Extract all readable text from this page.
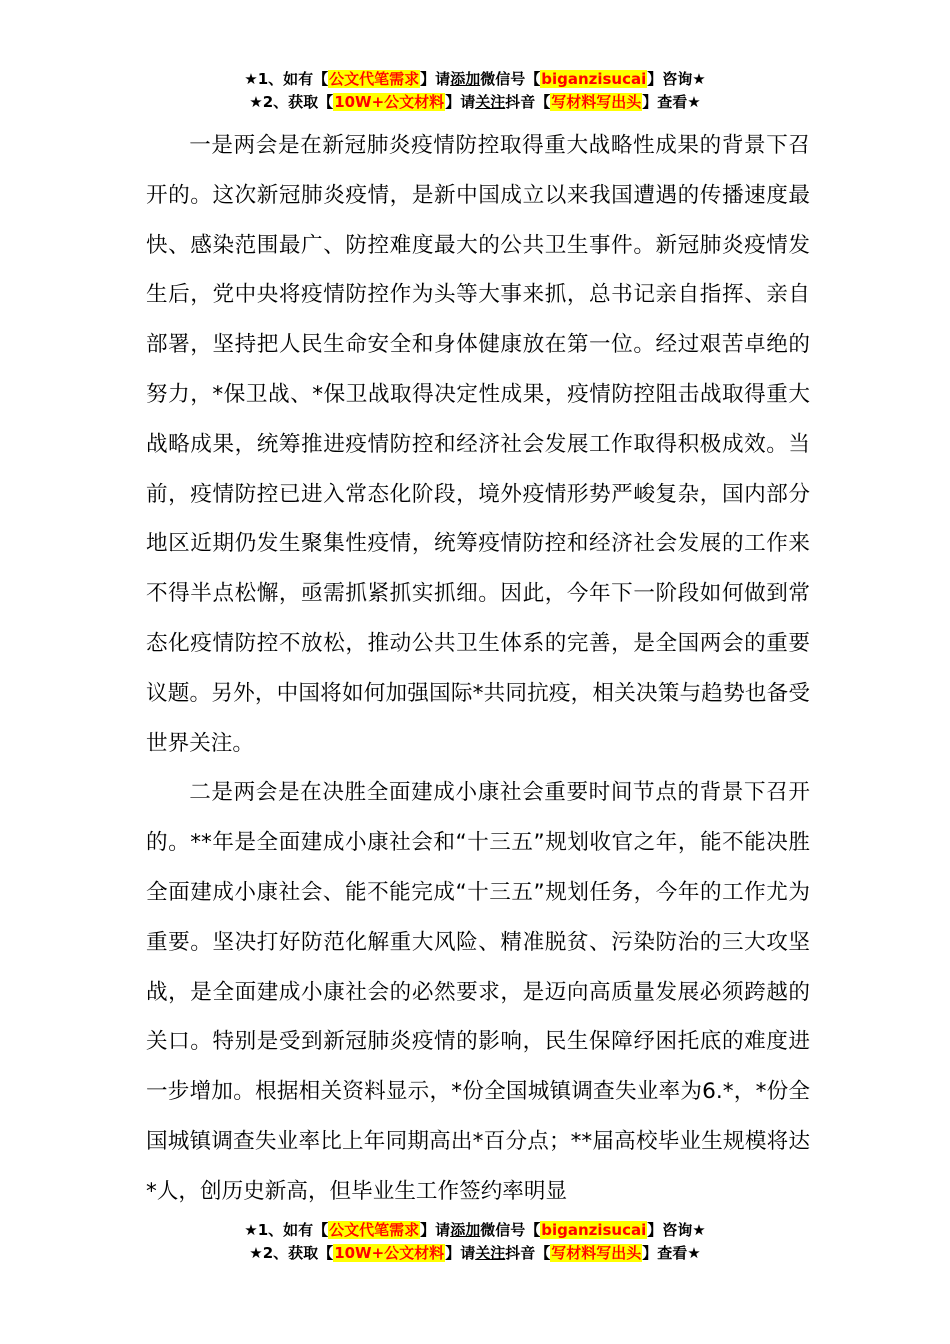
★1、如有【公文代笔需求】请添加微信号【biganzisucai】咨询★
★2、获取【10W+公文材料】请关注抖音【写材料写出头】查看★

一是两会是在新冠肺炎疫情防控取得重大战略性成果的背景下召开的。这次新冠肺炎疫情，是新中国成立以来我国遭遇的传播速度最快、感染范围最广、防控难度最大的公共卫生事件。新冠肺炎疫情发生后，党中央将疫情防控作为头等大事来抓，总书记亲自指挥、亲自部署，坚持把人民生命安全和身体健康放在第一位。经过艰苦卓绝的努力，*保卫战、*保卫战取得决定性成果，疫情防控阻击战取得重大战略成果，统筹推进疫情防控和经济社会发展工作取得积极成效。当前，疫情防控已进入常态化阶段，境外疫情形势严峻复杂，国内部分地区近期仍发生聚集性疫情，统筹疫情防控和经济社会发展的工作来不得半点松懈，亟需抓紧抓实抓细。因此，今年下一阶段如何做到常态化疫情防控不放松，推动公共卫生体系的完善，是全国两会的重要议题。另外，中国将如何加强国际*共同抗疫，相关决策与趋势也备受世界关注。

二是两会是在决胜全面建成小康社会重要时间节点的背景下召开的。**年是全面建成小康社会和“十三五”规划收官之年，能不能决胜全面建成小康社会、能不能完成“十三五”规划任务，今年的工作尤为重要。坚决打好防范化解重大风险、精准脱贫、污染防治的三大攻坚战，是全面建成小康社会的必然要求，是迈向高质量发展必须跨越的关口。特别是受到新冠肺炎疫情的影响，民生保障纾困托底的难度进一步增加。根据相关资料显示，*份全国城镇调查失业率为6.*，*份全国城镇调查失业率比上年同期高出*百分点；**届高校毕业生规模将达*人，创历史新高，但毕业生工作签约率明显

★1、如有【公文代笔需求】请添加微信号【biganzisucai】咨询★
★2、获取【10W+公文材料】请关注抖音【写材料写出头】查看★
